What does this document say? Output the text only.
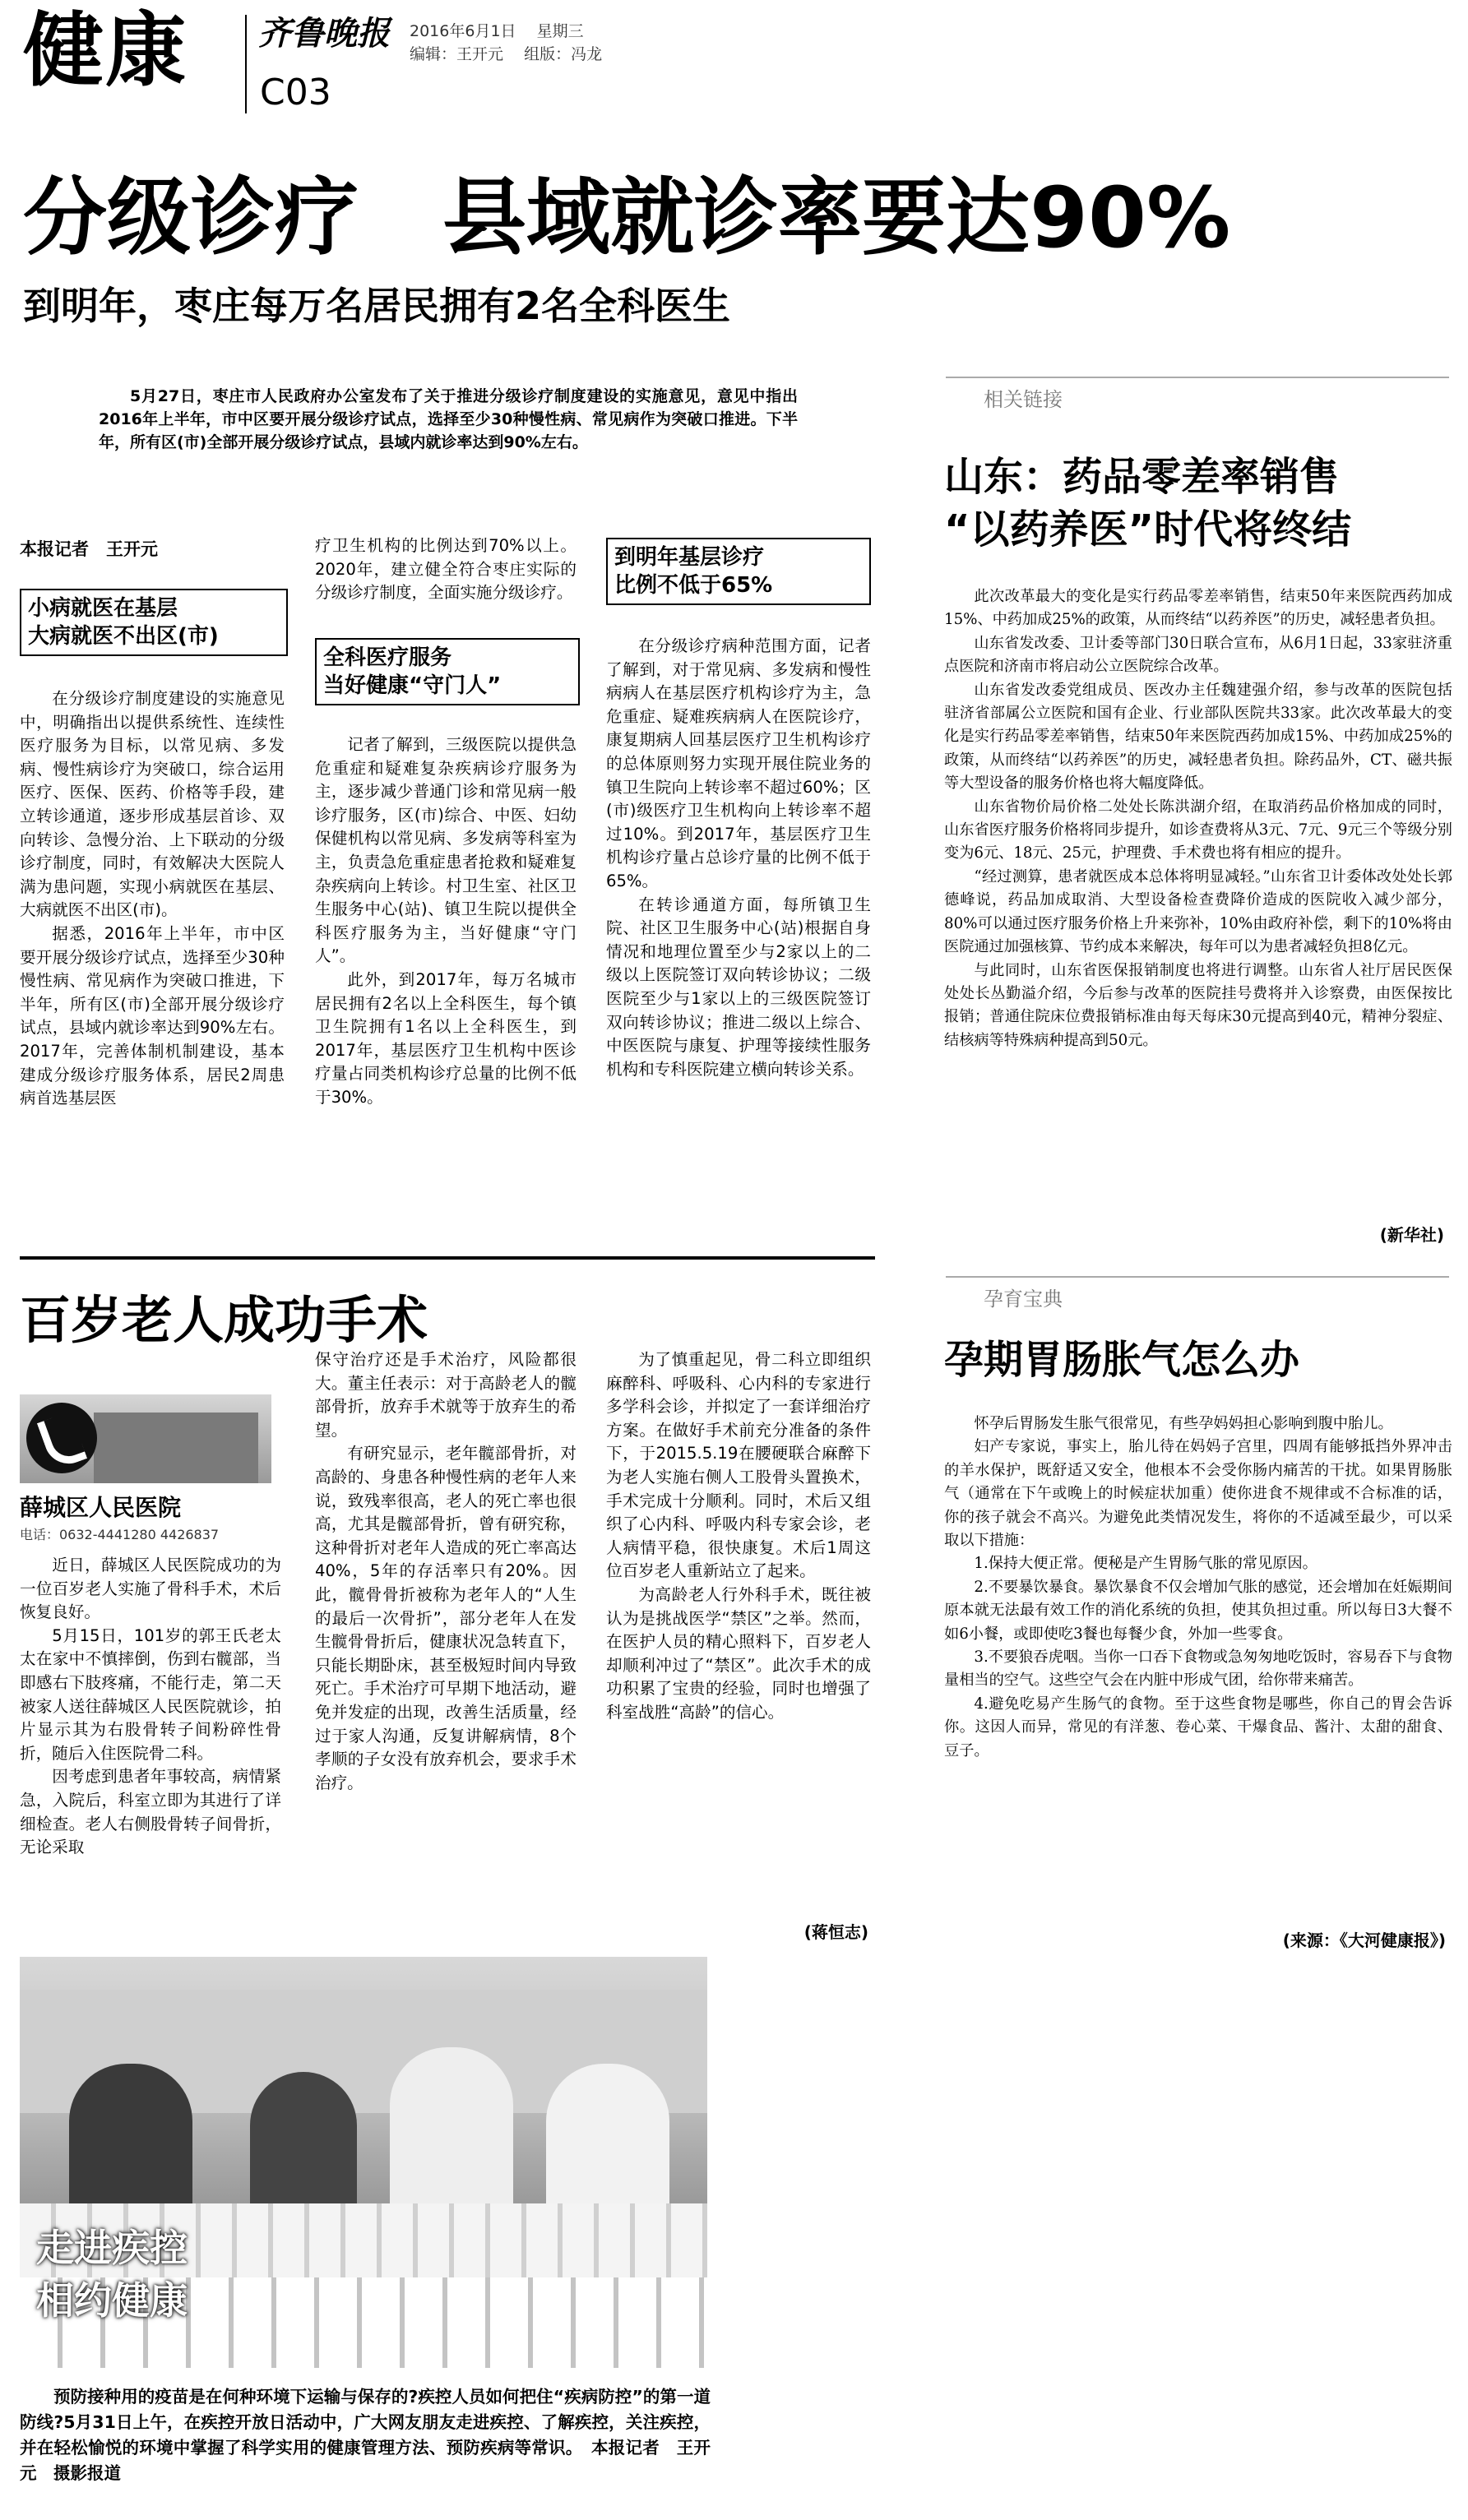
健康 齐鲁晚报
C03
2016年6月1日　 星期三
编辑：王开元　 组版：冯龙
分级诊疗　县域就诊率要达90%
到明年，枣庄每万名居民拥有2名全科医生

5月27日，枣庄市人民政府办公室发布了关于推进分级诊疗制度建设的实施意见，意见中指出2016年上半年，市中区要开展分级诊疗试点，选择至少30种慢性病、常见病作为突破口推进。下半年，所有区(市)全部开展分级诊疗试点，县域内就诊率达到90%左右。

本报记者　王开元
小病就医在基层
大病就医不出区(市)

在分级诊疗制度建设的实施意见中，明确指出以提供系统性、连续性医疗服务为目标，以常见病、多发病、慢性病诊疗为突破口，综合运用医疗、医保、医药、价格等手段，建立转诊通道，逐步形成基层首诊、双向转诊、急慢分治、上下联动的分级诊疗制度，同时，有效解决大医院人满为患问题，实现小病就医在基层、大病就医不出区(市)。

据悉，2016年上半年，市中区要开展分级诊疗试点，选择至少30种慢性病、常见病作为突破口推进，下半年，所有区(市)全部开展分级诊疗试点，县域内就诊率达到90%左右。2017年，完善体制机制建设，基本建成分级诊疗服务体系，居民2周患病首选基层医

疗卫生机构的比例达到70%以上。2020年，建立健全符合枣庄实际的分级诊疗制度，全面实施分级诊疗。

全科医疗服务
当好健康“守门人”

记者了解到，三级医院以提供急危重症和疑难复杂疾病诊疗服务为主，逐步减少普通门诊和常见病一般诊疗服务，区(市)综合、中医、妇幼保健机构以常见病、多发病等科室为主，负责急危重症患者抢救和疑难复杂疾病向上转诊。村卫生室、社区卫生服务中心(站)、镇卫生院以提供全科医疗服务为主，当好健康“守门人”。

此外，到2017年，每万名城市居民拥有2名以上全科医生，每个镇卫生院拥有1名以上全科医生，到2017年，基层医疗卫生机构中医诊疗量占同类机构诊疗总量的比例不低于30%。

到明年基层诊疗
比例不低于65%

在分级诊疗病种范围方面，记者了解到，对于常见病、多发病和慢性病病人在基层医疗机构诊疗为主，急危重症、疑难疾病病人在医院诊疗，康复期病人回基层医疗卫生机构诊疗的总体原则努力实现开展住院业务的镇卫生院向上转诊率不超过60%；区(市)级医疗卫生机构向上转诊率不超过10%。到2017年，基层医疗卫生机构诊疗量占总诊疗量的比例不低于65%。

在转诊通道方面，每所镇卫生院、社区卫生服务中心(站)根据自身情况和地理位置至少与2家以上的二级以上医院签订双向转诊协议；二级医院至少与1家以上的三级医院签订双向转诊协议；推进二级以上综合、中医医院与康复、护理等接续性服务机构和专科医院建立横向转诊关系。

相关链接
山东：药品零差率销售
“以药养医”时代将终结

此次改革最大的变化是实行药品零差率销售，结束50年来医院西药加成15%、中药加成25%的政策，从而终结“以药养医”的历史，减轻患者负担。

山东省发改委、卫计委等部门30日联合宣布，从6月1日起，33家驻济重点医院和济南市将启动公立医院综合改革。

山东省发改委党组成员、医改办主任魏建强介绍，参与改革的医院包括驻济省部属公立医院和国有企业、行业部队医院共33家。此次改革最大的变化是实行药品零差率销售，结束50年来医院西药加成15%、中药加成25%的政策，从而终结“以药养医”的历史，减轻患者负担。除药品外，CT、磁共振等大型设备的服务价格也将大幅度降低。

山东省物价局价格二处处长陈洪湖介绍，在取消药品价格加成的同时，山东省医疗服务价格将同步提升，如诊查费将从3元、7元、9元三个等级分别变为6元、18元、25元，护理费、手术费也将有相应的提升。

“经过测算，患者就医成本总体将明显减轻。”山东省卫计委体改处处长郭德峰说，药品加成取消、大型设备检查费降价造成的医院收入减少部分，80%可以通过医疗服务价格上升来弥补，10%由政府补偿，剩下的10%将由医院通过加强核算、节约成本来解决，每年可以为患者减轻负担8亿元。

与此同时，山东省医保报销制度也将进行调整。山东省人社厅居民医保处处长丛勤溢介绍，今后参与改革的医院挂号费将并入诊察费，由医保按比报销；普通住院床位费报销标准由每天每床30元提高到40元，精神分裂症、结核病等特殊病种提高到50元。

(新华社)
百岁老人成功手术
薛城区人民医院
电话：0632-4441280 4426837

近日，薛城区人民医院成功的为一位百岁老人实施了骨科手术，术后恢复良好。

5月15日，101岁的郭王氏老太太在家中不慎摔倒，伤到右髋部，当即感右下肢疼痛，不能行走，第二天被家人送往薛城区人民医院就诊，拍片显示其为右股骨转子间粉碎性骨折，随后入住医院骨二科。

因考虑到患者年事较高，病情紧急，入院后，科室立即为其进行了详细检查。老人右侧股骨转子间骨折，无论采取

保守治疗还是手术治疗，风险都很大。董主任表示：对于高龄老人的髋部骨折，放弃手术就等于放弃生的希望。

有研究显示，老年髋部骨折，对高龄的、身患各种慢性病的老年人来说，致残率很高，老人的死亡率也很高，尤其是髋部骨折，曾有研究称，这种骨折对老年人造成的死亡率高达40%，5年的存活率只有20%。因此，髋骨骨折被称为老年人的“人生的最后一次骨折”，部分老年人在发生髋骨骨折后，健康状况急转直下，只能长期卧床，甚至极短时间内导致死亡。手术治疗可早期下地活动，避免并发症的出现，改善生活质量，经过于家人沟通，反复讲解病情，8个孝顺的子女没有放弃机会，要求手术治疗。

为了慎重起见，骨二科立即组织麻醉科、呼吸科、心内科的专家进行多学科会诊，并拟定了一套详细治疗方案。在做好手术前充分准备的条件下，于2015.5.19在腰硬联合麻醉下为老人实施右侧人工股骨头置换术，手术完成十分顺利。同时，术后又组织了心内科、呼吸内科专家会诊，老人病情平稳，很快康复。术后1周这位百岁老人重新站立了起来。

为高龄老人行外科手术，既往被认为是挑战医学“禁区”之举。然而，在医护人员的精心照料下，百岁老人却顺利冲过了“禁区”。此次手术的成功积累了宝贵的经验，同时也增强了科室战胜“高龄”的信心。

(蒋恒志)
孕育宝典
孕期胃肠胀气怎么办

怀孕后胃肠发生胀气很常见，有些孕妈妈担心影响到腹中胎儿。

妇产专家说，事实上，胎儿待在妈妈子宫里，四周有能够抵挡外界冲击的羊水保护，既舒适又安全，他根本不会受你肠内痛苦的干扰。如果胃肠胀气（通常在下午或晚上的时候症状加重）使你进食不规律或不合标准的话，你的孩子就会不高兴。为避免此类情况发生，将你的不适减至最少，可以采取以下措施：

1.保持大便正常。便秘是产生胃肠气胀的常见原因。

2.不要暴饮暴食。暴饮暴食不仅会增加气胀的感觉，还会增加在妊娠期间原本就无法最有效工作的消化系统的负担，使其负担过重。所以每日3大餐不如6小餐，或即使吃3餐也每餐少食，外加一些零食。

3.不要狼吞虎咽。当你一口吞下食物或急匆匆地吃饭时，容易吞下与食物量相当的空气。这些空气会在内脏中形成气团，给你带来痛苦。

4.避免吃易产生肠气的食物。至于这些食物是哪些，你自己的胃会告诉你。这因人而异，常见的有洋葱、卷心菜、干爆食品、酱汁、太甜的甜食、豆子。

(来源：《大河健康报》)
走进疾控
相约健康
预防接种用的疫苗是在何种环境下运输与保存的?疾控人员如何把住“疾病防控”的第一道防线?5月31日上午，在疾控开放日活动中，广大网友朋友走进疾控、了解疾控，关注疾控，并在轻松愉悦的环境中掌握了科学实用的健康管理方法、预防疾病等常识。　 本报记者　王开元　摄影报道
